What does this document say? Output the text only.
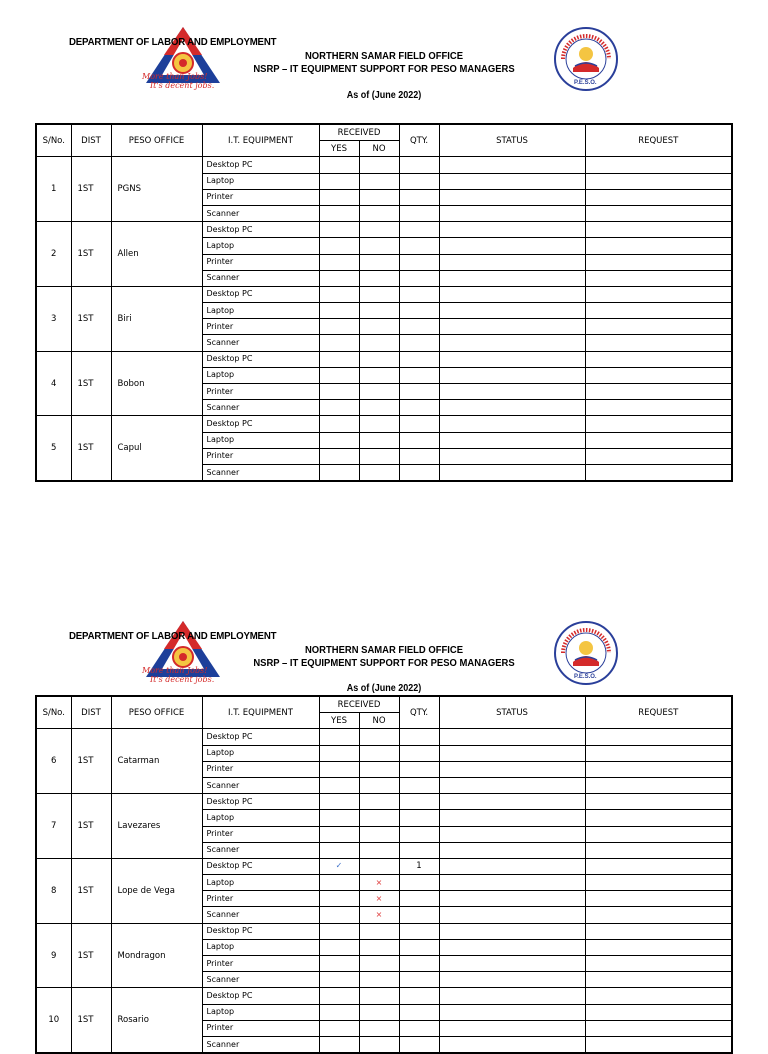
More than Jobs!
It's decent jobs.
DEPARTMENT OF LABOR AND EMPLOYMENT
NORTHERN SAMAR FIELD OFFICE
NSRP – IT EQUIPMENT SUPPORT FOR PESO MANAGERS
As of (June 2022)
P.E.S.O.
S/No.	DIST	PESO OFFICE	I.T. EQUIPMENT	RECEIVED		QTY.	STATUS	REQUEST
				YES	NO			
1	1ST	PGNS	Desktop PC					
			Laptop					
			Printer					
			Scanner					
2	1ST	Allen	Desktop PC					
			Laptop					
			Printer					
			Scanner					
3	1ST	Biri	Desktop PC					
			Laptop					
			Printer					
			Scanner					
4	1ST	Bobon	Desktop PC					
			Laptop					
			Printer					
			Scanner					
5	1ST	Capul	Desktop PC					
			Laptop					
			Printer					
			Scanner					
More than Jobs!
It's decent jobs.
DEPARTMENT OF LABOR AND EMPLOYMENT
NORTHERN SAMAR FIELD OFFICE
NSRP – IT EQUIPMENT SUPPORT FOR PESO MANAGERS
As of (June 2022)
P.E.S.O.
S/No.	DIST	PESO OFFICE	I.T. EQUIPMENT	RECEIVED		QTY.	STATUS	REQUEST
				YES	NO			
6	1ST	Catarman	Desktop PC					
			Laptop					
			Printer					
			Scanner					
7	1ST	Lavezares	Desktop PC					
			Laptop					
			Printer					
			Scanner					
8	1ST	Lope de Vega	Desktop PC	✓		1		
			Laptop		×			
			Printer		×			
			Scanner		×			
9	1ST	Mondragon	Desktop PC					
			Laptop					
			Printer					
			Scanner					
10	1ST	Rosario	Desktop PC					
			Laptop					
			Printer					
			Scanner					
